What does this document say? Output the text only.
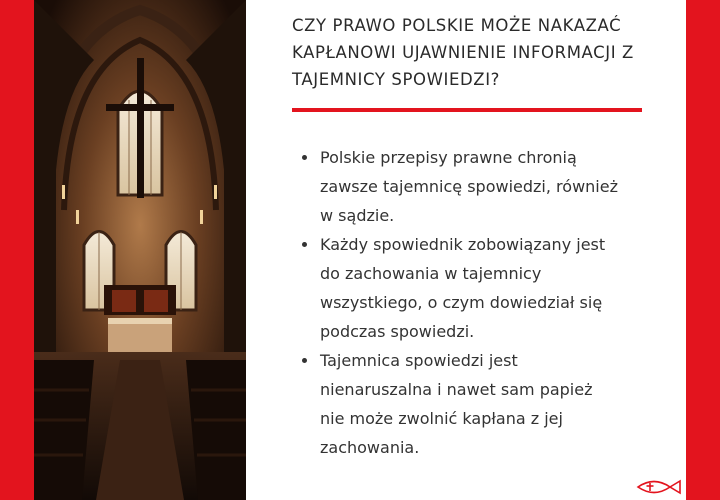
CZY PRAWO POLSKIE MOŻE NAKAZAĆ
KAPŁANOWI UJAWNIENIE INFORMACJI Z
TAJEMNICY SPOWIEDZI?
Polskie przepisy prawne chronią
zawsze tajemnicę spowiedzi, również
w sądzie.
Każdy spowiednik zobowiązany jest
do zachowania w tajemnicy
wszystkiego, o czym dowiedział się
podczas spowiedzi.
Tajemnica spowiedzi jest
nienaruszalna i nawet sam papież
nie może zwolnić kapłana z jej
zachowania.
